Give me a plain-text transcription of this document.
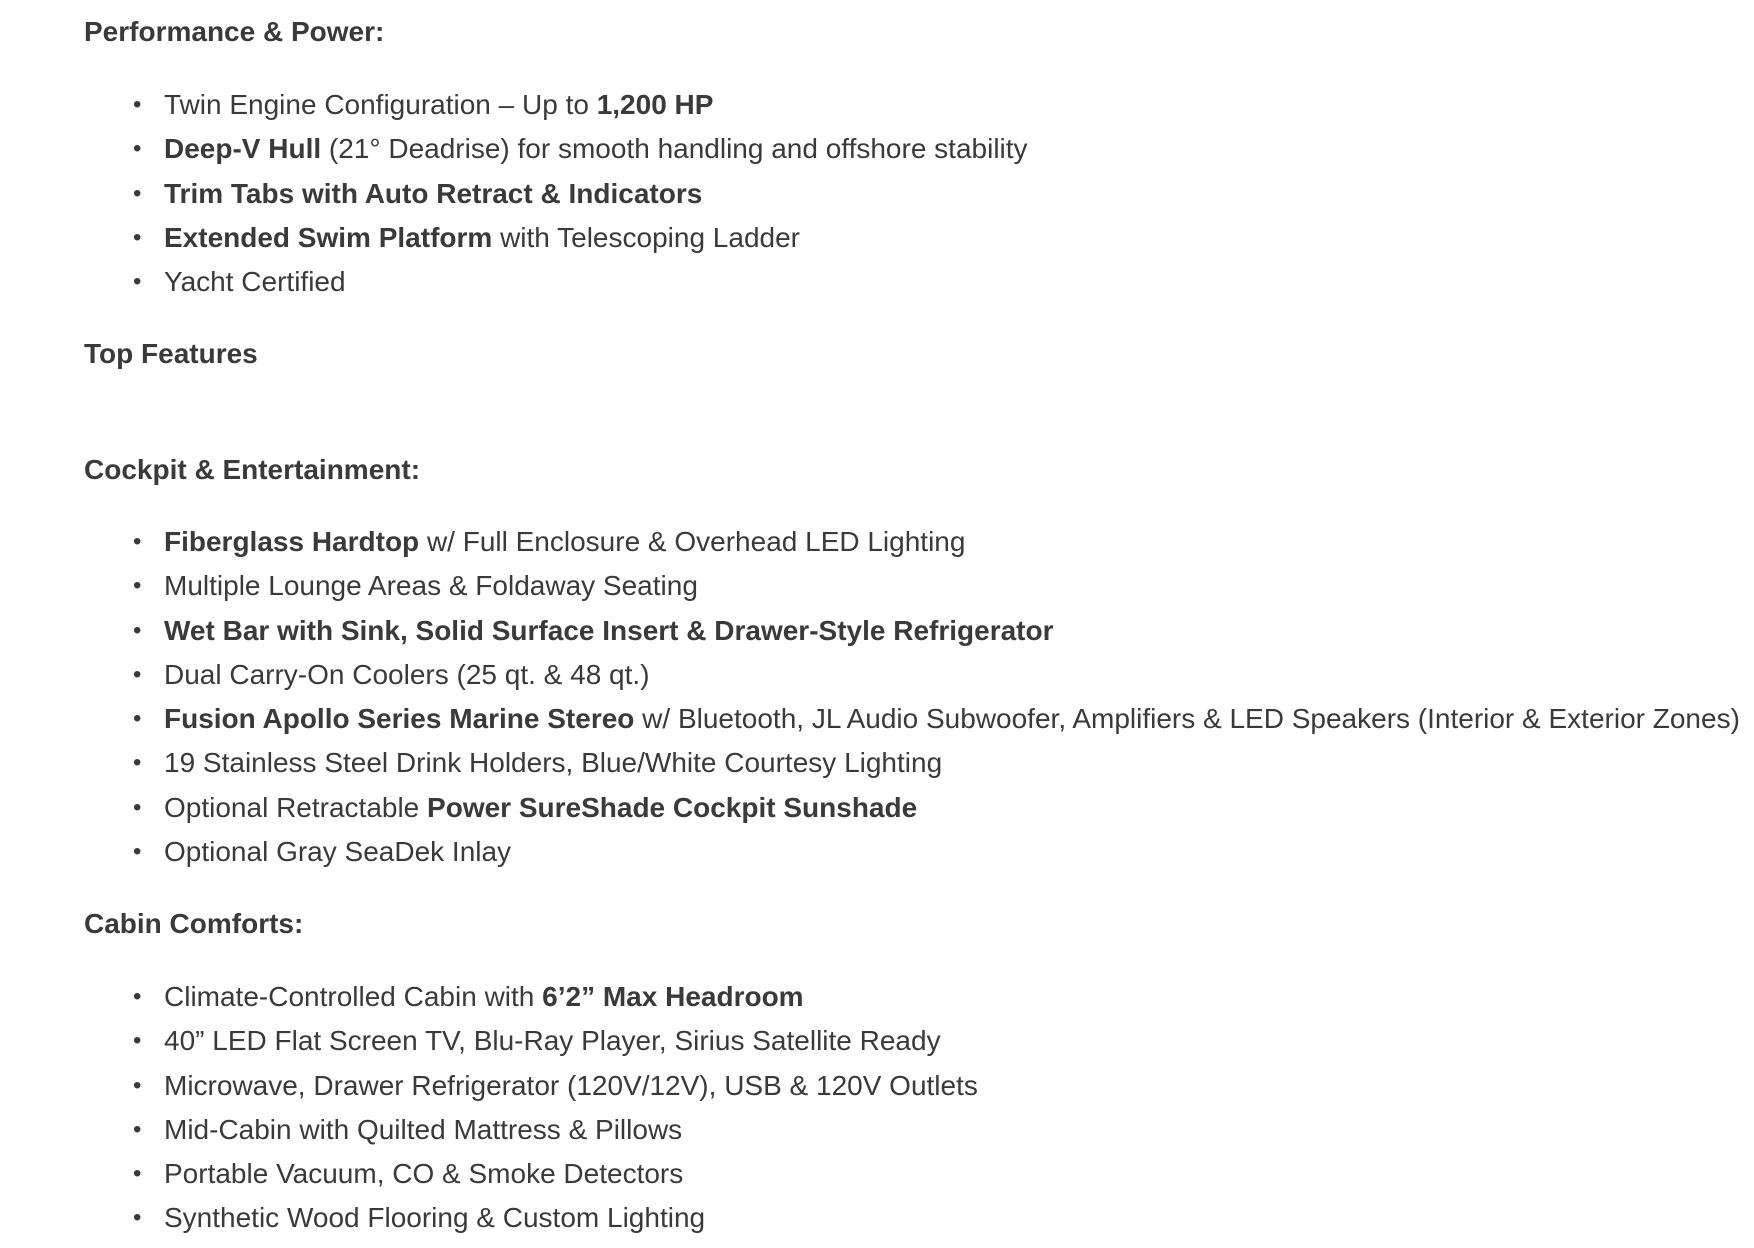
Performance & Power:
• Twin Engine Configuration – Up to 1,200 HP
• Deep-V Hull (21° Deadrise) for smooth handling and offshore stability
• Trim Tabs with Auto Retract & Indicators
• Extended Swim Platform with Telescoping Ladder
• Yacht Certified
Top Features
Cockpit & Entertainment:
• Fiberglass Hardtop w/ Full Enclosure & Overhead LED Lighting
• Multiple Lounge Areas & Foldaway Seating
• Wet Bar with Sink, Solid Surface Insert & Drawer-Style Refrigerator
• Dual Carry-On Coolers (25 qt. & 48 qt.)
• Fusion Apollo Series Marine Stereo w/ Bluetooth, JL Audio Subwoofer, Amplifiers & LED Speakers (Interior & Exterior Zones)
• 19 Stainless Steel Drink Holders, Blue/White Courtesy Lighting
• Optional Retractable Power SureShade Cockpit Sunshade
• Optional Gray SeaDek Inlay
Cabin Comforts:
• Climate-Controlled Cabin with 6’2” Max Headroom
• 40” LED Flat Screen TV, Blu-Ray Player, Sirius Satellite Ready
• Microwave, Drawer Refrigerator (120V/12V), USB & 120V Outlets
• Mid-Cabin with Quilted Mattress & Pillows
• Portable Vacuum, CO & Smoke Detectors
• Synthetic Wood Flooring & Custom Lighting
